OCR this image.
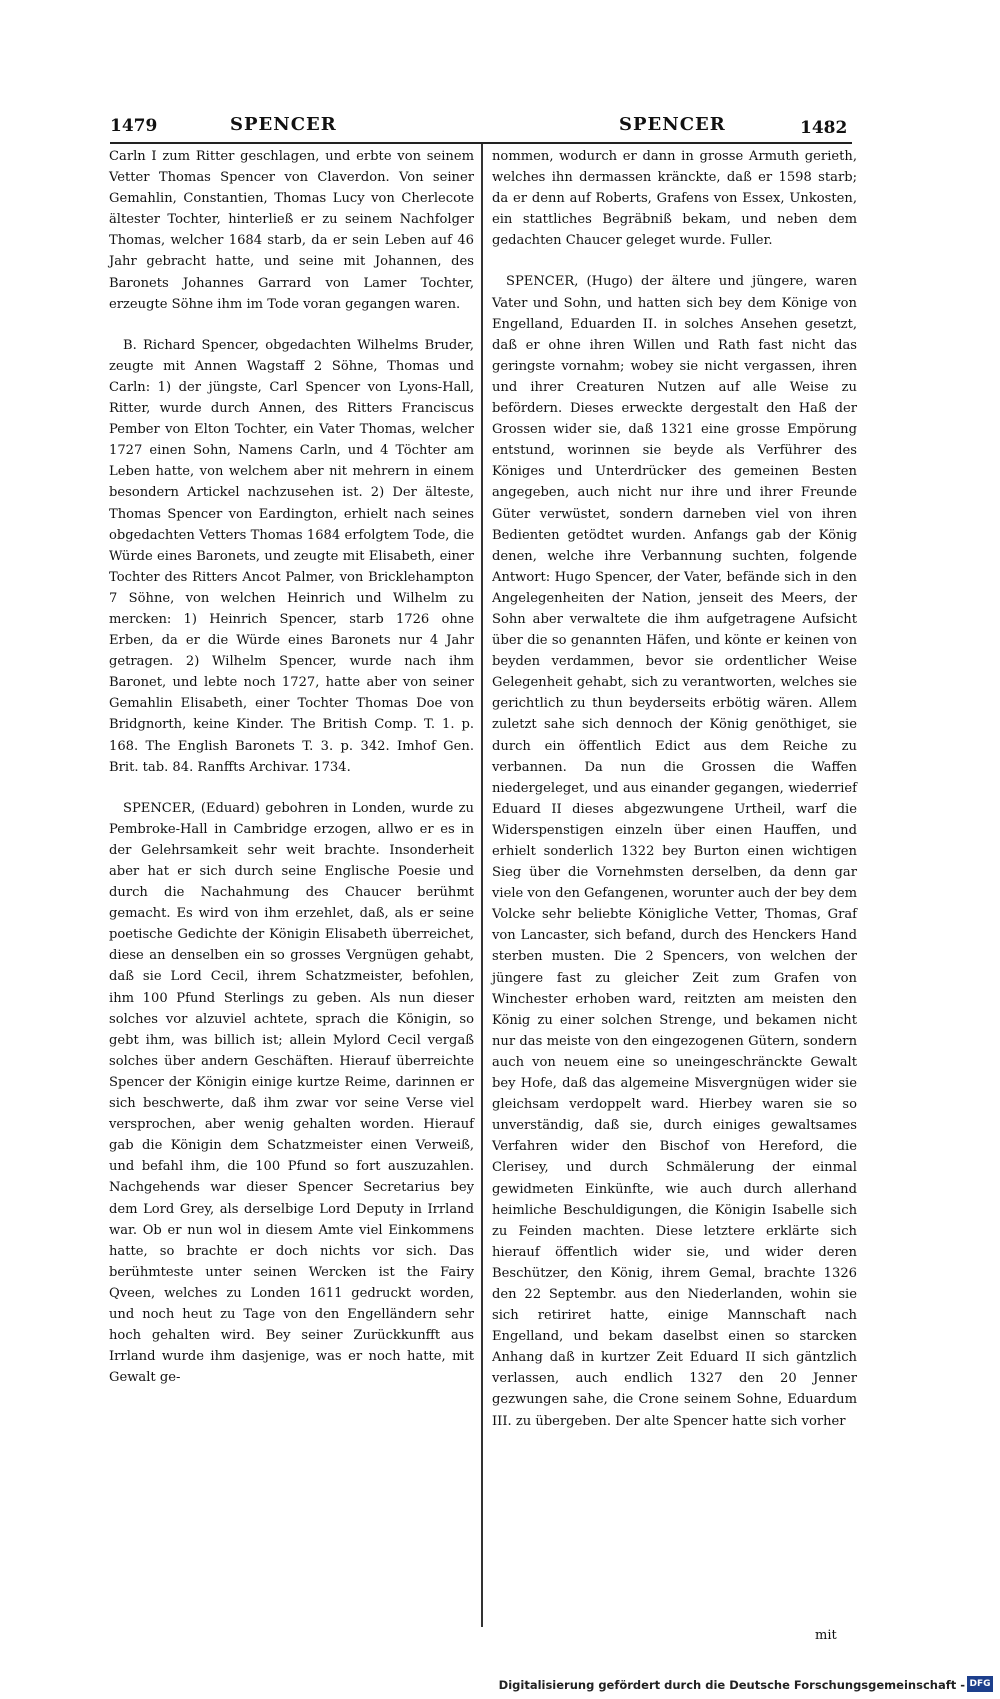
1479	SPENCER	SPENCER	1482

Carln I zum Ritter geschlagen, und erbte von seinem Vetter Thomas Spencer von Claverdon. Von seiner Gemahlin, Constantien, Thomas Lucy von Cherlecote ältester Tochter, hinterließ er zu seinem Nachfolger Thomas, welcher 1684 starb, da er sein Leben auf 46 Jahr gebracht hatte, und seine mit Johannen, des Baronets Johannes Garrard von Lamer Tochter, erzeugte Söhne ihm im Tode voran gegangen waren.

B. Richard Spencer, obgedachten Wilhelms Bruder, zeugte mit Annen Wagstaff 2 Söhne, Thomas und Carln: 1) der jüngste, Carl Spencer von Lyons-Hall, Ritter, wurde durch Annen, des Ritters Franciscus Pember von Elton Tochter, ein Vater Thomas, welcher 1727 einen Sohn, Namens Carln, und 4 Töchter am Leben hatte, von welchem aber nit mehrern in einem besondern Artickel nachzusehen ist. 2) Der älteste, Thomas Spencer von Eardington, erhielt nach seines obgedachten Vetters Thomas 1684 erfolgtem Tode, die Würde eines Baronets, und zeugte mit Elisabeth, einer Tochter des Ritters Ancot Palmer, von Bricklehampton 7 Söhne, von welchen Heinrich und Wilhelm zu mercken: 1) Heinrich Spencer, starb 1726 ohne Erben, da er die Würde eines Baronets nur 4 Jahr getragen. 2) Wilhelm Spencer, wurde nach ihm Baronet, und lebte noch 1727, hatte aber von seiner Gemahlin Elisabeth, einer Tochter Thomas Doe von Bridgnorth, keine Kinder. The British Comp. T. 1. p. 168. The English Baronets T. 3. p. 342. Imhof Gen. Brit. tab. 84. Ranffts Archivar. 1734.

SPENCER, (Eduard) gebohren in Londen, wurde zu Pembroke-Hall in Cambridge erzogen, allwo er es in der Gelehrsamkeit sehr weit brachte. Insonderheit aber hat er sich durch seine Englische Poesie und durch die Nachahmung des Chaucer berühmt gemacht. Es wird von ihm erzehlet, daß, als er seine poetische Gedichte der Königin Elisabeth überreichet, diese an denselben ein so grosses Vergnügen gehabt, daß sie Lord Cecil, ihrem Schatzmeister, befohlen, ihm 100 Pfund Sterlings zu geben. Als nun dieser solches vor alzuviel achtete, sprach die Königin, so gebt ihm, was billich ist; allein Mylord Cecil vergaß solches über andern Geschäften. Hierauf überreichte Spencer der Königin einige kurtze Reime, darinnen er sich beschwerte, daß ihm zwar vor seine Verse viel versprochen, aber wenig gehalten worden. Hierauf gab die Königin dem Schatzmeister einen Verweiß, und befahl ihm, die 100 Pfund so fort auszuzahlen. Nachgehends war dieser Spencer Secretarius bey dem Lord Grey, als derselbige Lord Deputy in Irrland war. Ob er nun wol in diesem Amte viel Einkommens hatte, so brachte er doch nichts vor sich. Das berühmteste unter seinen Wercken ist the Fairy Qveen, welches zu Londen 1611 gedruckt worden, und noch heut zu Tage von den Engelländern sehr hoch gehalten wird. Bey seiner Zurückkunfft aus Irrland wurde ihm dasjenige, was er noch hatte, mit Gewalt ge-

nommen, wodurch er dann in grosse Armuth gerieth, welches ihn dermassen kränckte, daß er 1598 starb; da er denn auf Roberts, Grafens von Essex, Unkosten, ein stattliches Begräbniß bekam, und neben dem gedachten Chaucer geleget wurde. Fuller.

SPENCER, (Hugo) der ältere und jüngere, waren Vater und Sohn, und hatten sich bey dem Könige von Engelland, Eduarden II. in solches Ansehen gesetzt, daß er ohne ihren Willen und Rath fast nicht das geringste vornahm; wobey sie nicht vergassen, ihren und ihrer Creaturen Nutzen auf alle Weise zu befördern. Dieses erweckte dergestalt den Haß der Grossen wider sie, daß 1321 eine grosse Empörung entstund, worinnen sie beyde als Verführer des Königes und Unterdrücker des gemeinen Besten angegeben, auch nicht nur ihre und ihrer Freunde Güter verwüstet, sondern darneben viel von ihren Bedienten getödtet wurden. Anfangs gab der König denen, welche ihre Verbannung suchten, folgende Antwort: Hugo Spencer, der Vater, befände sich in den Angelegenheiten der Nation, jenseit des Meers, der Sohn aber verwaltete die ihm aufgetragene Aufsicht über die so genannten Häfen, und könte er keinen von beyden verdammen, bevor sie ordentlicher Weise Gelegenheit gehabt, sich zu verantworten, welches sie gerichtlich zu thun beyderseits erbötig wären. Allem zuletzt sahe sich dennoch der König genöthiget, sie durch ein öffentlich Edict aus dem Reiche zu verbannen. Da nun die Grossen die Waffen niedergeleget, und aus einander gegangen, wiederrief Eduard II dieses abgezwungene Urtheil, warf die Widerspenstigen einzeln über einen Hauffen, und erhielt sonderlich 1322 bey Burton einen wichtigen Sieg über die Vornehmsten derselben, da denn gar viele von den Gefangenen, worunter auch der bey dem Volcke sehr beliebte Königliche Vetter, Thomas, Graf von Lancaster, sich befand, durch des Henckers Hand sterben musten. Die 2 Spencers, von welchen der jüngere fast zu gleicher Zeit zum Grafen von Winchester erhoben ward, reitzten am meisten den König zu einer solchen Strenge, und bekamen nicht nur das meiste von den eingezogenen Gütern, sondern auch von neuem eine so uneingeschränckte Gewalt bey Hofe, daß das algemeine Misvergnügen wider sie gleichsam verdoppelt ward. Hierbey waren sie so unverständig, daß sie, durch einiges gewaltsames Verfahren wider den Bischof von Hereford, die Clerisey, und durch Schmälerung der einmal gewidmeten Einkünfte, wie auch durch allerhand heimliche Beschuldigungen, die Königin Isabelle sich zu Feinden machten. Diese letztere erklärte sich hierauf öffentlich wider sie, und wider deren Beschützer, den König, ihrem Gemal, brachte 1326 den 22 Septembr. aus den Niederlanden, wohin sie sich retiriret hatte, einige Mannschaft nach Engelland, und bekam daselbst einen so starcken Anhang daß in kurtzer Zeit Eduard II sich gäntzlich verlassen, auch endlich 1327 den 20 Jenner gezwungen sahe, die Crone seinem Sohne, Eduardum III. zu übergeben. Der alte Spencer hatte sich vorher

mit
Digitalisierung gefördert durch die Deutsche Forschungsgemeinschaft - DFG
